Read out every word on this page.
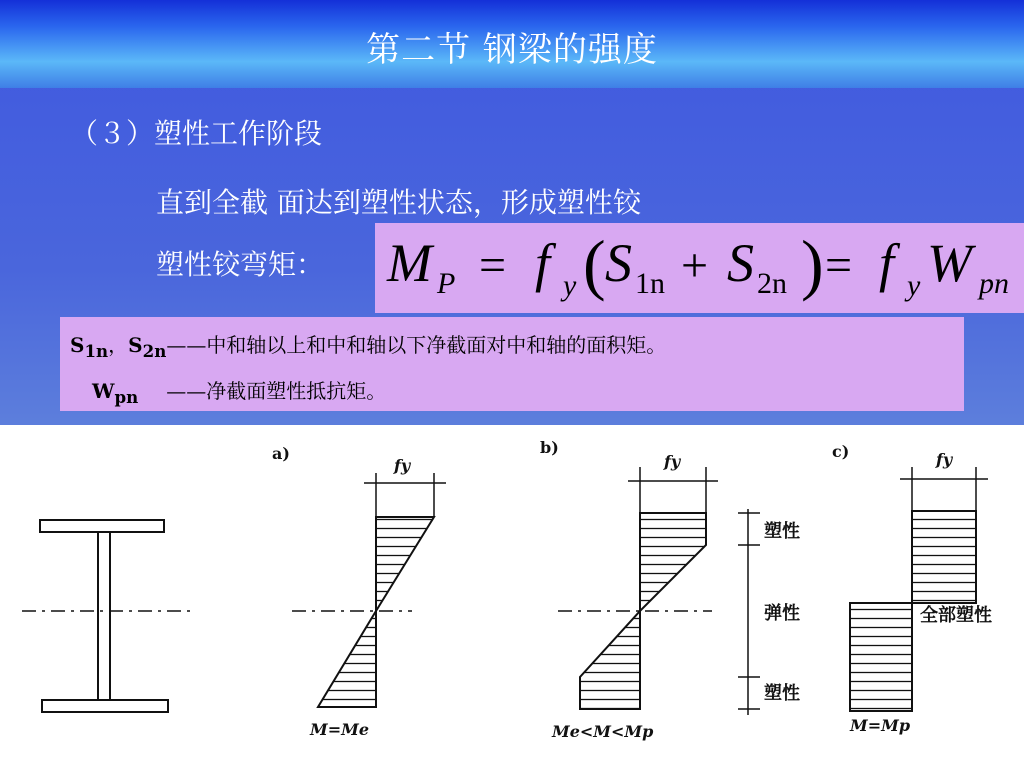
第二节 钢梁的强度
（３）塑性工作阶段
直到全截 面达到塑性状态，形成塑性铰
塑性铰弯矩： M P = f y ( S 1n + S 2n ) = f y W pn
$S_{1n}$，$S_{2n}——$中和轴以上和中和轴以下净截面对中和轴的面积矩。
$W_{pn}$ ——净截面塑性抵抗矩。
a)
fy
M=Me
b)
fy
塑性
弹性
塑性
Me<M<Mp
c)	fy
全部塑性
M=Mp
